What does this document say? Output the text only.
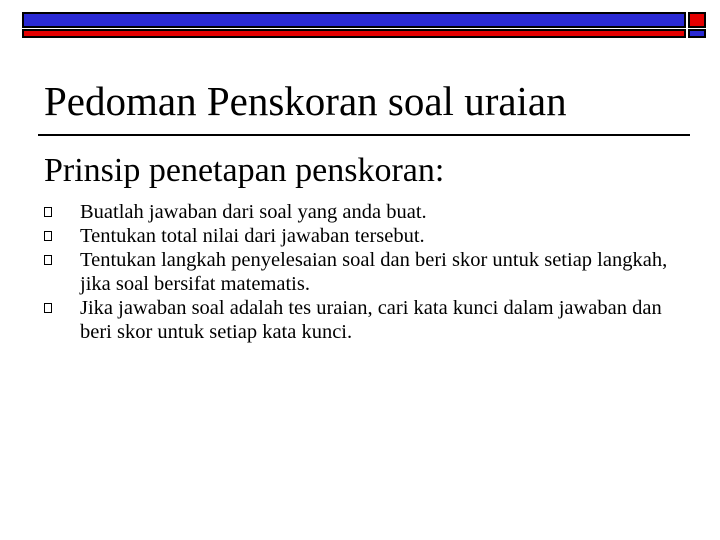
Pedoman Penskoran soal uraian
Prinsip penetapan penskoran:
Buatlah jawaban dari soal yang anda buat.
Tentukan total nilai dari jawaban tersebut.
Tentukan langkah penyelesaian soal dan beri skor untuk setiap langkah, jika soal bersifat matematis.
Jika jawaban soal adalah tes uraian, cari kata kunci dalam jawaban dan beri skor untuk setiap kata kunci.
